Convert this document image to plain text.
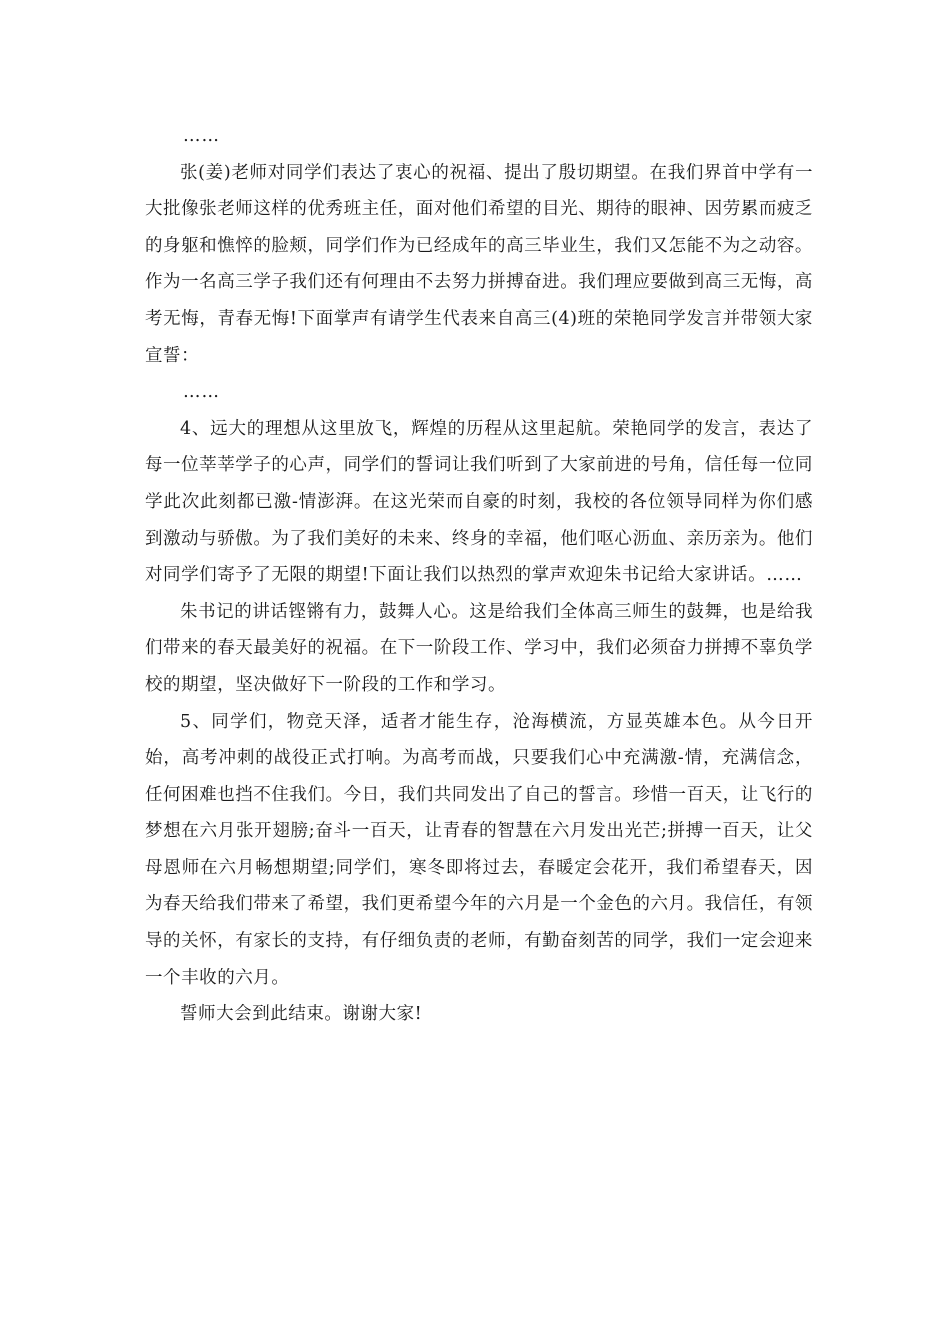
……

张(姜)老师对同学们表达了衷心的祝福、提出了殷切期望。在我们界首中学有一大批像张老师这样的优秀班主任，面对他们希望的目光、期待的眼神、因劳累而疲乏的身躯和憔悴的脸颊，同学们作为已经成年的高三毕业生，我们又怎能不为之动容。作为一名高三学子我们还有何理由不去努力拼搏奋进。我们理应要做到高三无悔，高考无悔，青春无悔!下面掌声有请学生代表来自高三(4)班的荣艳同学发言并带领大家宣誓：

……

4、远大的理想从这里放飞，辉煌的历程从这里起航。荣艳同学的发言，表达了每一位莘莘学子的心声，同学们的誓词让我们听到了大家前进的号角，信任每一位同学此次此刻都已激-情澎湃。在这光荣而自豪的时刻，我校的各位领导同样为你们感到激动与骄傲。为了我们美好的未来、终身的幸福，他们呕心沥血、亲历亲为。他们对同学们寄予了无限的期望!下面让我们以热烈的掌声欢迎朱书记给大家讲话。……

朱书记的讲话铿锵有力，鼓舞人心。这是给我们全体高三师生的鼓舞，也是给我们带来的春天最美好的祝福。在下一阶段工作、学习中，我们必须奋力拼搏不辜负学校的期望，坚决做好下一阶段的工作和学习。

5、同学们，物竞天泽，适者才能生存，沧海横流，方显英雄本色。从今日开始，高考冲刺的战役正式打响。为高考而战，只要我们心中充满激-情，充满信念，任何困难也挡不住我们。今日，我们共同发出了自己的誓言。珍惜一百天，让飞行的梦想在六月张开翅膀;奋斗一百天，让青春的智慧在六月发出光芒;拼搏一百天，让父母恩师在六月畅想期望;同学们，寒冬即将过去，春暖定会花开，我们希望春天，因为春天给我们带来了希望，我们更希望今年的六月是一个金色的六月。我信任，有领导的关怀，有家长的支持，有仔细负责的老师，有勤奋刻苦的同学，我们一定会迎来一个丰收的六月。

誓师大会到此结束。谢谢大家!
